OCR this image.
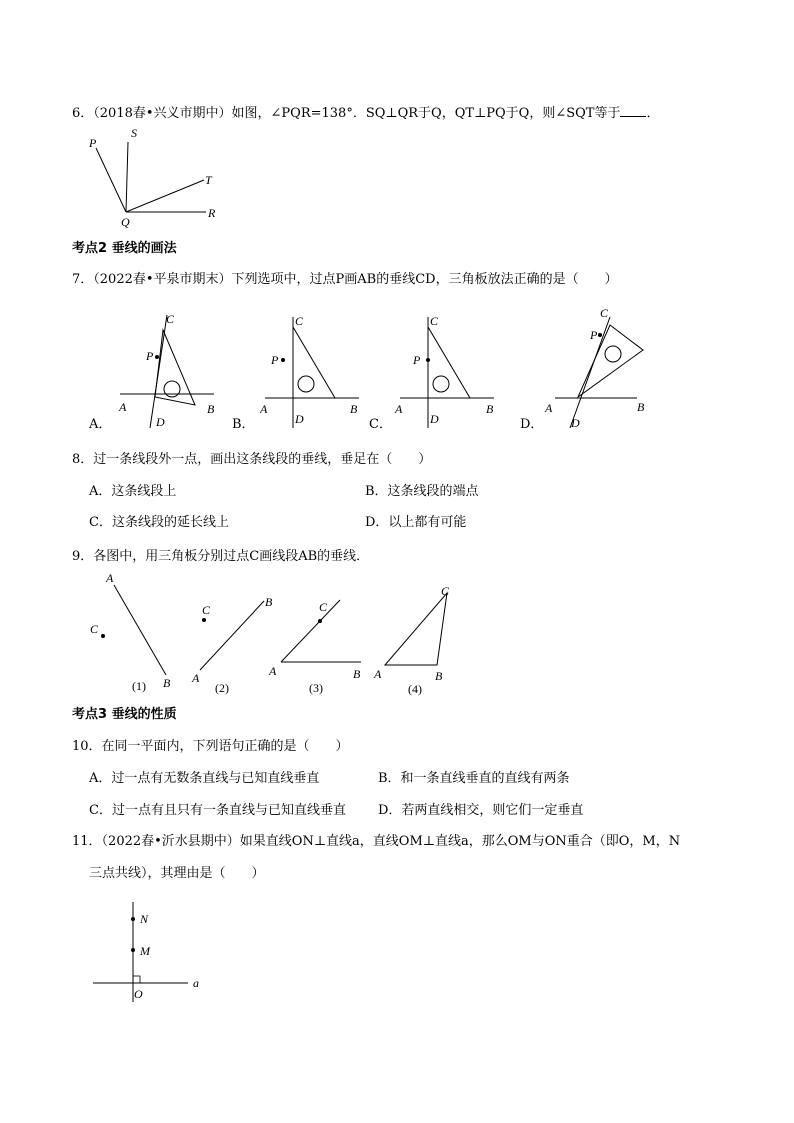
6．（2018春•兴义市期中）如图，∠PQR=138°．SQ⊥QR于Q，QT⊥PQ于Q，则∠SQT等于 ．
P
S
T
Q
R
考点2 垂线的画法
7．（2022春•平泉市期末）下列选项中，过点P画AB的垂线CD，三角板放法正确的是（　　）
C
P
A
D
B
A．
C
P
A
D
B
B．
C
P
A
D
B
C．
C
P
A
D
B
D．
8．过一条线段外一点，画出这条线段的垂线，垂足在（　　）
A．这条线段上	B．这条线段的端点
C．这条线段的延长线上	D．以上都有可能
9．各图中，用三角板分别过点C画线段AB的垂线．
A
C
B
(1)
C
B
A
(2)
C
A	B
(3)
C
A	B
(4)
考点3 垂线的性质
10．在同一平面内，下列语句正确的是（　　）
A．过一点有无数条直线与已知直线垂直	B．和一条直线垂直的直线有两条
C．过一点有且只有一条直线与已知直线垂直 D．若两直线相交，则它们一定垂直
11．（2022春•沂水县期中）如果直线ON⊥直线a，直线OM⊥直线a，那么OM与ON重合（即O，M，N
三点共线），其理由是（　　）
N
M
O
a
